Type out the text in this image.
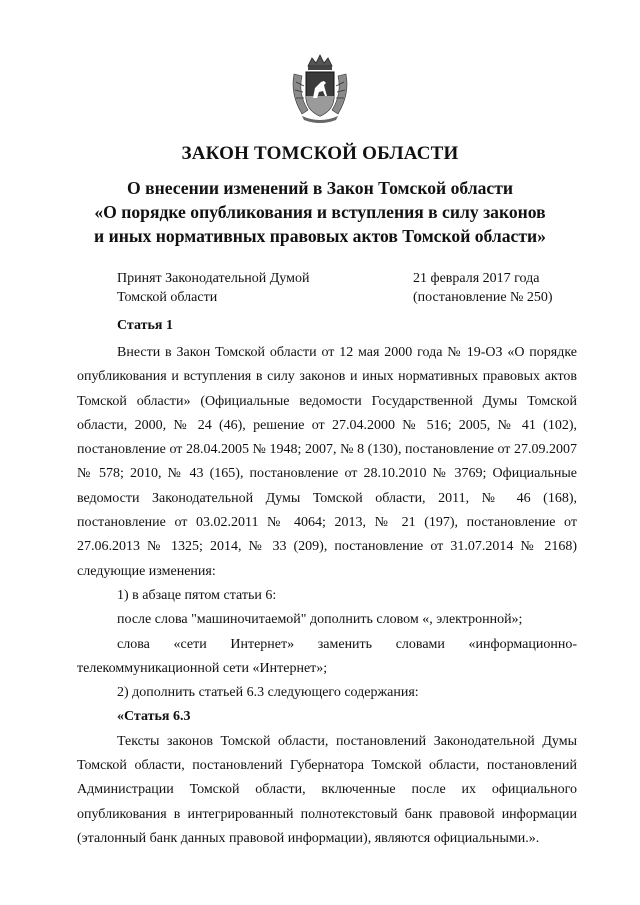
ЗАКОН ТОМСКОЙ ОБЛАСТИ
О внесении изменений в Закон Томской области
«О порядке опубликования и вступления в силу законов
и иных нормативных правовых актов Томской области»
Принят Законодательной Думой
Томской области
21 февраля 2017 года
(постановление № 250)
Статья 1

Внести в Закон Томской области от 12 мая 2000 года № 19-ОЗ «О порядке опубликования и вступления в силу законов и иных нормативных правовых актов Томской области» (Официальные ведомости Государственной Думы Томской области, 2000, № 24 (46), решение от 27.04.2000 № 516; 2005, № 41 (102), постановление от 28.04.2005 № 1948; 2007, № 8 (130), постановление от 27.09.2007 № 578; 2010, № 43 (165), постановление от 28.10.2010 № 3769; Официальные ведомости Законодательной Думы Томской области, 2011, № 46 (168), постановление от 03.02.2011 № 4064; 2013, № 21 (197), постановление от 27.06.2013 № 1325; 2014, № 33 (209), постановление от 31.07.2014 № 2168) следующие изменения:

1) в абзаце пятом статьи 6:

после слова "машиночитаемой" дополнить словом «, электронной»;

слова «сети Интернет» заменить словами «информационно-телекоммуникационной сети «Интернет»;

2) дополнить статьей 6.3 следующего содержания:

«Статья 6.3

Тексты законов Томской области, постановлений Законодательной Думы Томской области, постановлений Губернатора Томской области, постановлений Администрации Томской области, включенные после их официального опубликования в интегрированный полнотекстовый банк правовой информации (эталонный банк данных правовой информации), являются официальными.».
